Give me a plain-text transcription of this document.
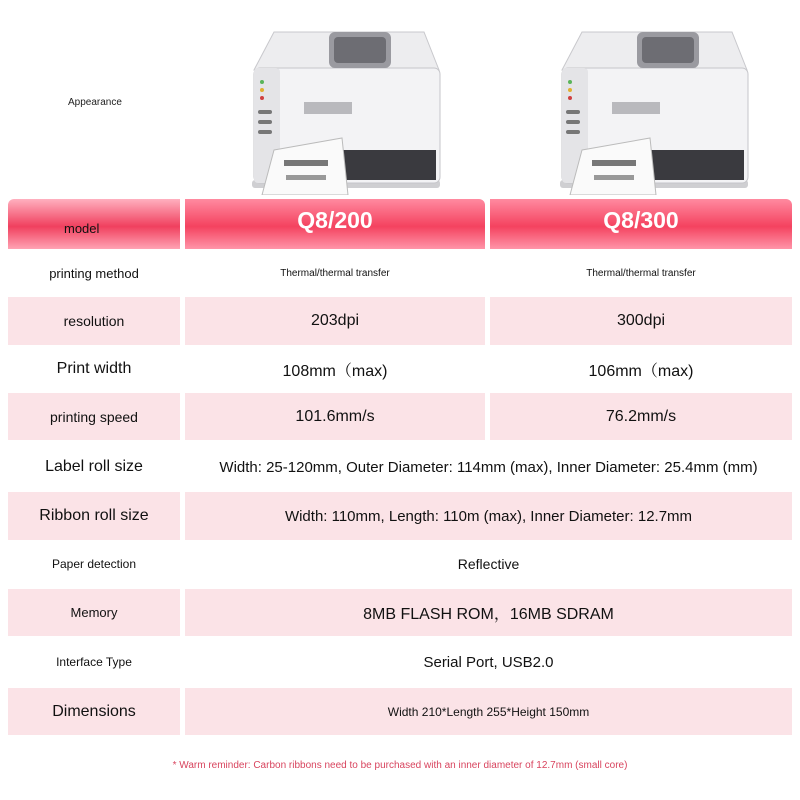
Appearance
model	Q8/200	Q8/300
printing method	Thermal/thermal transfer	Thermal/thermal transfer
resolution	203dpi	300dpi
Print width	108mm（max)	106mm（max)
printing speed	101.6mm/s	76.2mm/s
Label roll size	Width: 25-120mm, Outer Diameter: 114mm (max), Inner Diameter: 25.4mm (mm)
Ribbon roll size	Width: 110mm, Length: 110m (max), Inner Diameter: 12.7mm
Paper detection	Reflective
Memory	8MB FLASH ROM，16MB SDRAM
Interface Type	Serial Port, USB2.0
Dimensions	Width 210*Length 255*Height 150mm
* Warm reminder: Carbon ribbons need to be purchased with an inner diameter of 12.7mm (small core)
